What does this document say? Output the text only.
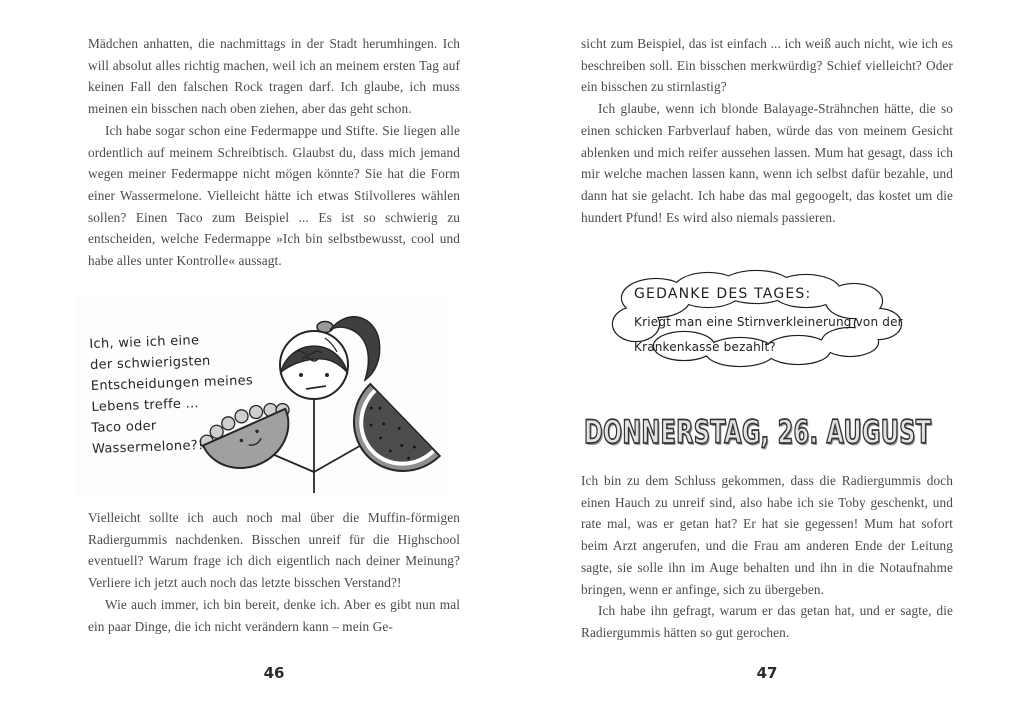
Mädchen anhatten, die nachmittags in der Stadt herumhingen. Ich will absolut alles richtig machen, weil ich an meinem ersten Tag auf keinen Fall den falschen Rock tragen darf. Ich glaube, ich muss meinen ein bisschen nach oben ziehen, aber das geht schon.
Ich habe sogar schon eine Federmappe und Stifte. Sie liegen alle ordentlich auf meinem Schreibtisch. Glaubst du, dass mich jemand wegen meiner Federmappe nicht mögen könnte? Sie hat die Form einer Wassermelone. Vielleicht hätte ich etwas Stilvolleres wählen sollen? Einen Taco zum Beispiel ... Es ist so schwierig zu entscheiden, welche Federmappe »Ich bin selbstbewusst, cool und habe alles unter Kontrolle« aussagt.
Ich, wie ich eine
der schwierigsten
Entscheidungen meines
Lebens treffe ...
Taco oder
Wassermelone?!
Vielleicht sollte ich auch noch mal über die Muffin-förmigen Radiergummis nachdenken. Bisschen unreif für die Highschool eventuell? Warum frage ich dich eigentlich nach deiner Meinung? Verliere ich jetzt auch noch das letzte bisschen Verstand?!
Wie auch immer, ich bin bereit, denke ich. Aber es gibt nun mal ein paar Dinge, die ich nicht verändern kann – mein Ge-
46
sicht zum Beispiel, das ist einfach ... ich weiß auch nicht, wie ich es beschreiben soll. Ein bisschen merkwürdig? Schief vielleicht? Oder ein bisschen zu stirnlastig?
Ich glaube, wenn ich blonde Balayage-Strähnchen hätte, die so einen schicken Farbverlauf haben, würde das von meinem Gesicht ablenken und mich reifer aussehen lassen. Mum hat gesagt, dass ich mir welche machen lassen kann, wenn ich selbst dafür bezahle, und dann hat sie gelacht. Ich habe das mal gegoogelt, das kostet um die hundert Pfund! Es wird also niemals passieren.
GEDANKE DES TAGES:
Kriegt man eine Stirnverkleinerung von der
Krankenkasse bezahlt?
DONNERSTAG, 26. AUGUST
Ich bin zu dem Schluss gekommen, dass die Radiergummis doch einen Hauch zu unreif sind, also habe ich sie Toby geschenkt, und rate mal, was er getan hat? Er hat sie gegessen! Mum hat sofort beim Arzt angerufen, und die Frau am anderen Ende der Leitung sagte, sie solle ihn im Auge behalten und ihn in die Notaufnahme bringen, wenn er anfinge, sich zu übergeben.
Ich habe ihn gefragt, warum er das getan hat, und er sagte, die Radiergummis hätten so gut gerochen.
47
